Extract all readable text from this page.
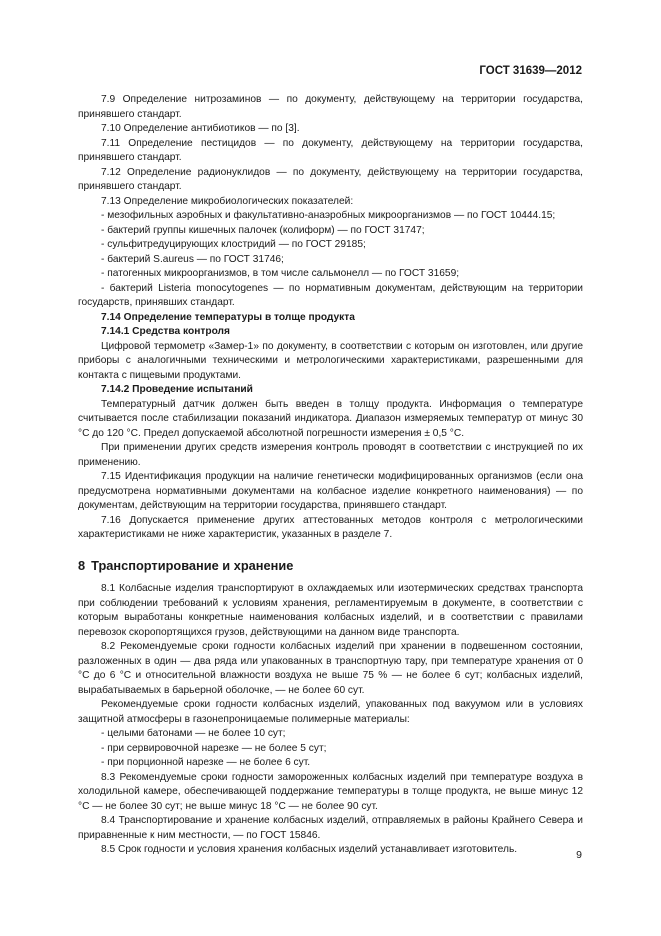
ГОСТ 31639—2012

7.9 Определение нитрозаминов — по документу, действующему на территории государства, принявшего стандарт.

7.10 Определение антибиотиков — по [3].

7.11 Определение пестицидов — по документу, действующему на территории государства, принявшего стандарт.

7.12 Определение радионуклидов — по документу, действующему на территории государства, принявшего стандарт.

7.13 Определение микробиологических показателей:

- мезофильных аэробных и факультативно-анаэробных микроорганизмов — по ГОСТ 10444.15;

- бактерий группы кишечных палочек (колиформ) — по ГОСТ 31747;

- сульфитредуцирующих клостридий — по ГОСТ 29185;

- бактерий S.aureus — по ГОСТ 31746;

- патогенных микроорганизмов, в том числе сальмонелл — по ГОСТ 31659;

- бактерий Listeria monocytogenes — по нормативным документам, действующим на территории государств, принявших стандарт.

7.14 Определение температуры в толще продукта

7.14.1 Средства контроля

Цифровой термометр «Замер-1» по документу, в соответствии с которым он изготовлен, или другие приборы с аналогичными техническими и метрологическими характеристиками, разрешенными для контакта с пищевыми продуктами.

7.14.2 Проведение испытаний

Температурный датчик должен быть введен в толщу продукта. Информация о температуре считывается после стабилизации показаний индикатора. Диапазон измеряемых температур от минус 30 °С до 120 °С. Предел допускаемой абсолютной погрешности измерения ± 0,5 °С.

При применении других средств измерения контроль проводят в соответствии с инструкцией по их применению.

7.15 Идентификация продукции на наличие генетически модифицированных организмов (если она предусмотрена нормативными документами на колбасное изделие конкретного наименования) — по документам, действующим на территории государства, принявшего стандарт.

7.16 Допускается применение других аттестованных методов контроля с метрологическими характеристиками не ниже характеристик, указанных в разделе 7.

8 Транспортирование и хранение

8.1 Колбасные изделия транспортируют в охлаждаемых или изотермических средствах транспорта при соблюдении требований к условиям хранения, регламентируемым в документе, в соответствии с которым выработаны конкретные наименования колбасных изделий, и в соответствии с правилами перевозок скоропортящихся грузов, действующими на данном виде транспорта.

8.2 Рекомендуемые сроки годности колбасных изделий при хранении в подвешенном состоянии, разложенных в один — два ряда или упакованных в транспортную тару, при температуре хранения от 0 °С до 6 °С и относительной влажности воздуха не выше 75 % — не более 6 сут; колбасных изделий, вырабатываемых в барьерной оболочке, — не более 60 сут.

Рекомендуемые сроки годности колбасных изделий, упакованных под вакуумом или в условиях защитной атмосферы в газонепроницаемые полимерные материалы:

- целыми батонами — не более 10 сут;

- при сервировочной нарезке — не более 5 сут;

- при порционной нарезке — не более 6 сут.

8.3 Рекомендуемые сроки годности замороженных колбасных изделий при температуре воздуха в холодильной камере, обеспечивающей поддержание температуры в толще продукта, не выше минус 12 °С — не более 30 сут; не выше минус 18 °С — не более 90 сут.

8.4 Транспортирование и хранение колбасных изделий, отправляемых в районы Крайнего Севера и приравненные к ним местности, — по ГОСТ 15846.

8.5 Срок годности и условия хранения колбасных изделий устанавливает изготовитель.	9
